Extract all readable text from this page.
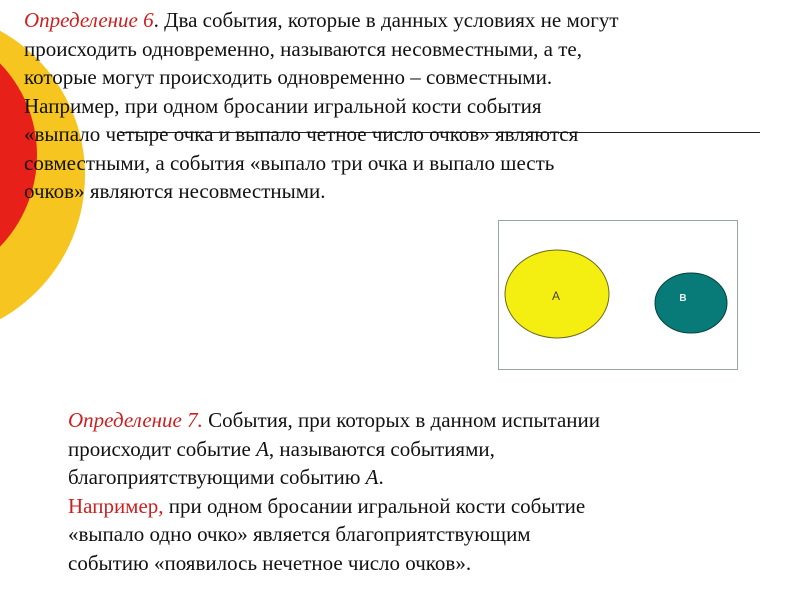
Определение 6. Два события, которые в данных условиях не могут
происходить одновременно, называются несовместными, а те,
которые могут происходить одновременно – совместными.
Например, при одном бросании игральной кости события
«выпало четыре очка и выпало четное число очков» являются
совместными, а события «выпало три очка и выпало шесть
очков» являются несовместными.
A	B
Определение 7. События, при которых в данном испытании
происходит событие А, называются событиями,
благоприятствующими событию А.
Например, при одном бросании игральной кости событие
«выпало одно очко» является благоприятствующим
событию «появилось нечетное число очков».
